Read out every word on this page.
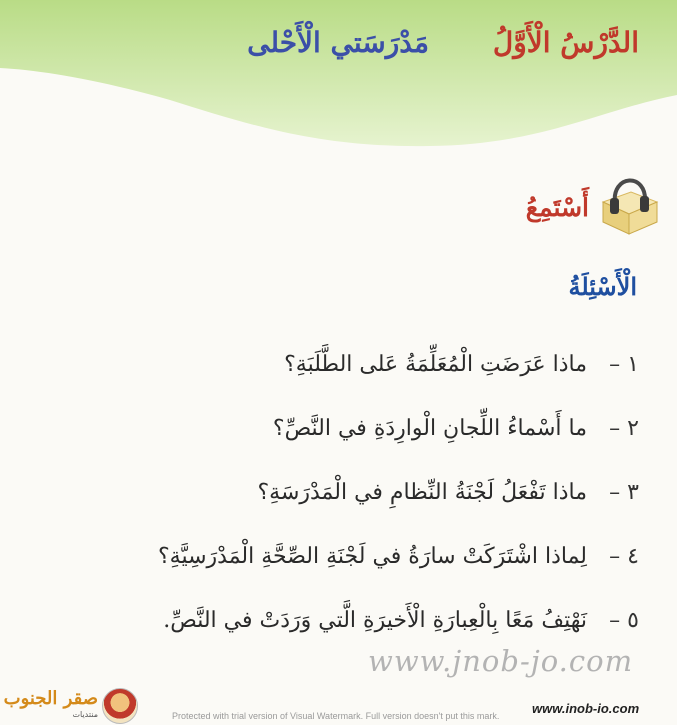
الدَّرْسُ الْأَوَّلُ
مَدْرَسَتي الْأَحْلى
أَسْتَمِعُ
الْأَسْئِلَةُ
١ –
ماذا عَرَضَتِ الْمُعَلِّمَةُ عَلى الطَّلَبَةِ؟
٢ –
ما أَسْماءُ اللِّجانِ الْوارِدَةِ في النَّصِّ؟
٣ –
ماذا تَفْعَلُ لَجْنَةُ النِّظامِ في الْمَدْرَسَةِ؟
٤ –
لِماذا اشْتَرَكَتْ سارَةُ في لَجْنَةِ الصِّحَّةِ الْمَدْرَسِيَّةِ؟
٥ –
نَهْتِفُ مَعًا بِالْعِبارَةِ الْأَخيرَةِ الَّتي وَرَدَتْ في النَّصِّ.
www.jnob-jo.com
www.inob-io.com
Protected with trial version of Visual Watermark. Full version doesn't put this mark.
صقر الجنوب
منتديات
